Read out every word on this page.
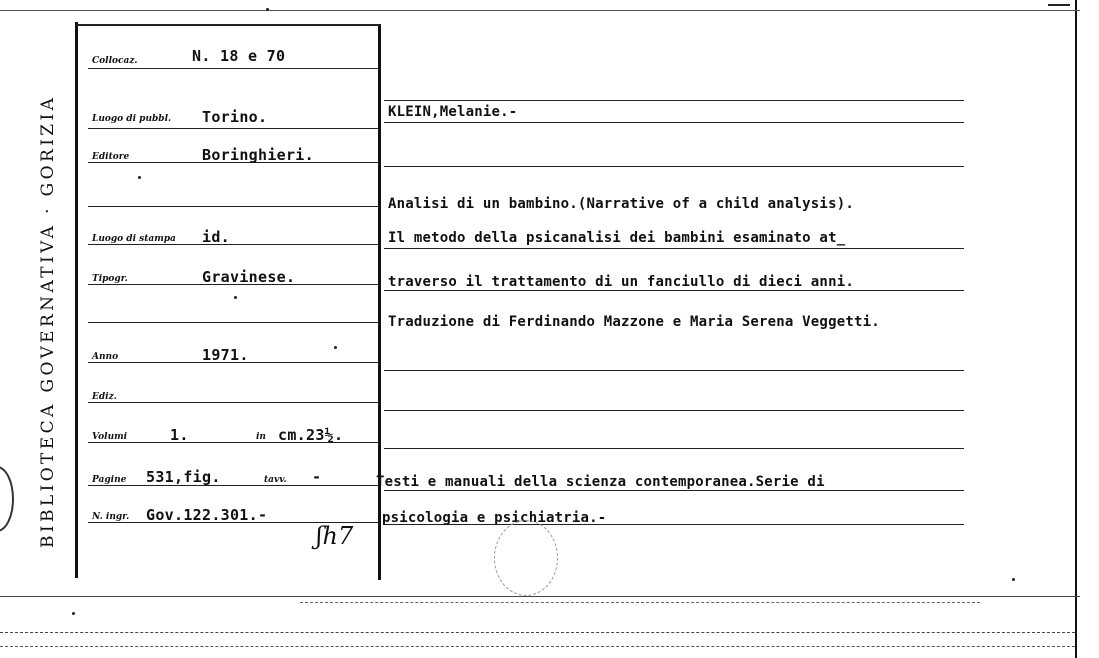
BIBLIOTECA GOVERNATIVA · GORIZIA
Collocaz.	N. 18 e 70
Luogo di pubbl. Torino.
Editore	Boringhieri.
Luogo di stampa id.
Tipogr.	Gravinese.
Anno	1971.
Ediz.
Volumi	1.	in cm.23½.
Pagine 531,fig.	tavv. -
N. ingr. Gov.122.301.-
ʃh7
KLEIN,Melanie.-
Analisi di un bambino.(Narrative of a child analysis).
Il metodo della psicanalisi dei bambini esaminato at_
traverso il trattamento di un fanciullo di dieci anni.
Traduzione di Ferdinando Mazzone e Maria Serena Veggetti.
Testi e manuali della scienza contemporanea.Serie di
psicologia e psichiatria.-
